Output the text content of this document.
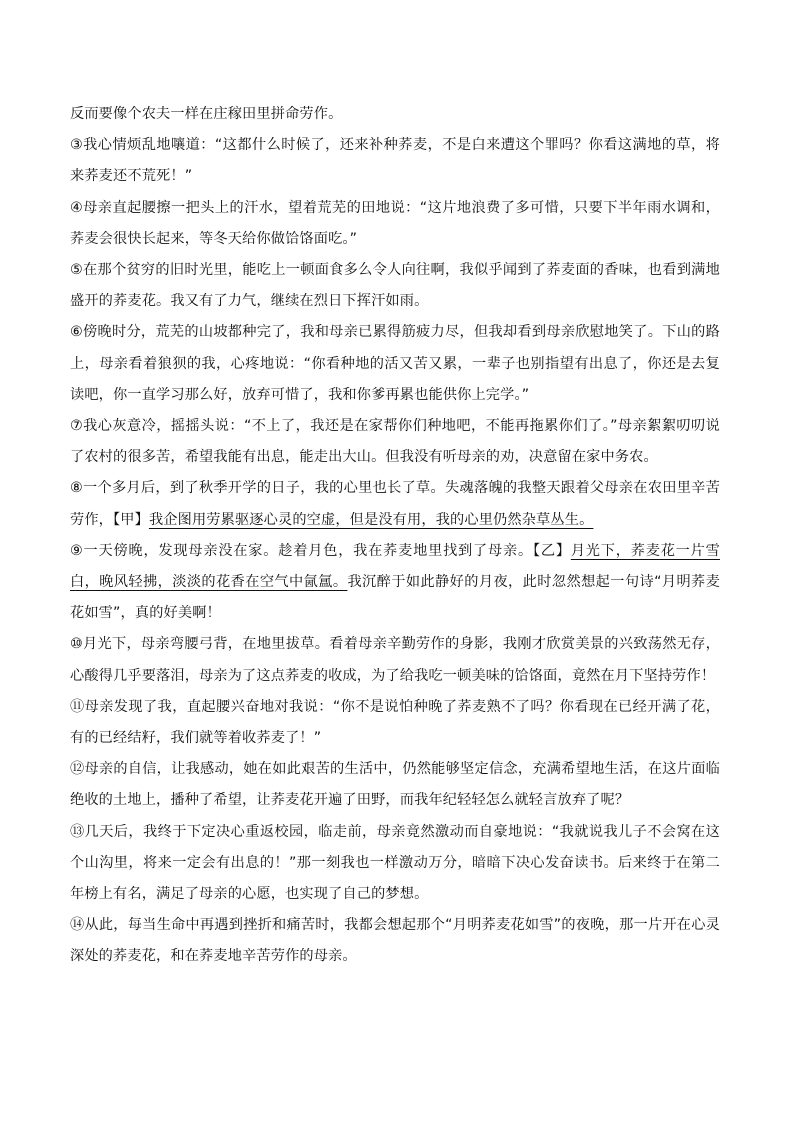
反而要像个农夫一样在庄稼田里拼命劳作。

③我心情烦乱地嚷道：“这都什么时候了，还来补种荞麦，不是白来遭这个罪吗？你看这满地的草，将来荞麦还不荒死！”

④母亲直起腰擦一把头上的汗水，望着荒芜的田地说：“这片地浪费了多可惜，只要下半年雨水调和，荞麦会很快长起来，等冬天给你做饸饹面吃。”

⑤在那个贫穷的旧时光里，能吃上一顿面食多么令人向往啊，我似乎闻到了荞麦面的香味，也看到满地盛开的荞麦花。我又有了力气，继续在烈日下挥汗如雨。

⑥傍晚时分，荒芜的山坡都种完了，我和母亲已累得筋疲力尽，但我却看到母亲欣慰地笑了。下山的路上，母亲看着狼狈的我，心疼地说：“你看种地的活又苦又累，一辈子也别指望有出息了，你还是去复读吧，你一直学习那么好，放弃可惜了，我和你爹再累也能供你上完学。”

⑦我心灰意冷，摇摇头说：“不上了，我还是在家帮你们种地吧，不能再拖累你们了。”母亲絮絮叨叨说了农村的很多苦，希望我能有出息，能走出大山。但我没有听母亲的劝，决意留在家中务农。

⑧一个多月后，到了秋季开学的日子，我的心里也长了草。失魂落魄的我整天跟着父母亲在农田里辛苦劳作，【甲】我企图用劳累驱逐心灵的空虚，但是没有用，我的心里仍然杂草丛生。

⑨一天傍晚，发现母亲没在家。趁着月色，我在荞麦地里找到了母亲。【乙】月光下，荞麦花一片雪白，晚风轻拂，淡淡的花香在空气中氤氲。我沉醉于如此静好的月夜，此时忽然想起一句诗“月明荞麦花如雪”，真的好美啊！

⑩月光下，母亲弯腰弓背，在地里拔草。看着母亲辛勤劳作的身影，我刚才欣赏美景的兴致荡然无存，心酸得几乎要落泪，母亲为了这点荞麦的收成，为了给我吃一顿美味的饸饹面，竟然在月下坚持劳作！

⑪母亲发现了我，直起腰兴奋地对我说：“你不是说怕种晚了荞麦熟不了吗？你看现在已经开满了花，有的已经结籽，我们就等着收荞麦了！”

⑫母亲的自信，让我感动，她在如此艰苦的生活中，仍然能够坚定信念，充满希望地生活，在这片面临绝收的土地上，播种了希望，让荞麦花开遍了田野，而我年纪轻轻怎么就轻言放弃了呢？

⑬几天后，我终于下定决心重返校园，临走前，母亲竟然激动而自豪地说：“我就说我儿子不会窝在这个山沟里，将来一定会有出息的！”那一刻我也一样激动万分，暗暗下决心发奋读书。后来终于在第二年榜上有名，满足了母亲的心愿，也实现了自己的梦想。

⑭从此，每当生命中再遇到挫折和痛苦时，我都会想起那个“月明荞麦花如雪”的夜晚，那一片开在心灵深处的荞麦花，和在荞麦地辛苦劳作的母亲。
